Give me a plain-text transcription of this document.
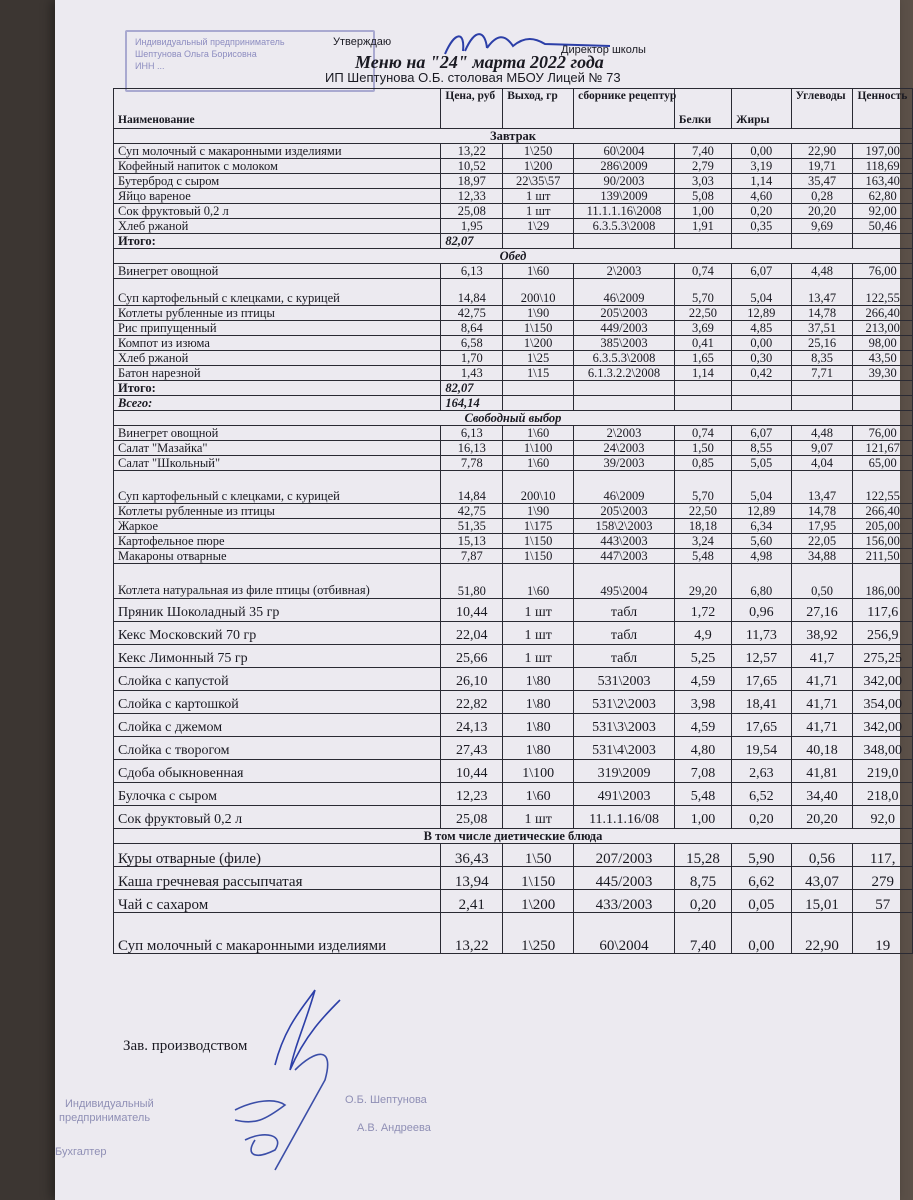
Индивидуальный предприниматель
Шептунова Ольга Борисовна
ИНН ...
Утверждаю
Директор школы
Меню на "24" марта 2022 года
ИП Шептунова О.Б. столовая МБОУ Лицей № 73
Наименование	Цена, руб	Выход, гр	сборнике рецептур	Белки	Жиры	Углеводы	Ценность
Завтрак							
Суп молочный с макаронными изделиями	13,22	1\250	60\2004	7,40	0,00	22,90	197,00
Кофейный напиток с молоком	10,52	1\200	286\2009	2,79	3,19	19,71	118,69
Бутерброд с сыром	18,97	22\35\57	90/2003	3,03	1,14	35,47	163,40
Яйцо вареное	12,33	1 шт	139\2009	5,08	4,60	0,28	62,80
Сок фруктовый 0,2 л	25,08	1 шт	11.1.1.16\2008	1,00	0,20	20,20	92,00
Хлеб ржаной	1,95	1\29	6.3.5.3\2008	1,91	0,35	9,69	50,46
Итого:	82,07						
Обед							
Винегрет овощной	6,13	1\60	2\2003	0,74	6,07	4,48	76,00
Суп картофельный с клецками, с курицей	14,84	200\10	46\2009	5,70	5,04	13,47	122,55
Котлеты рубленные из птицы	42,75	1\90	205\2003	22,50	12,89	14,78	266,40
Рис припущенный	8,64	1\150	449/2003	3,69	4,85	37,51	213,00
Компот из изюма	6,58	1\200	385\2003	0,41	0,00	25,16	98,00
Хлеб ржаной	1,70	1\25	6.3.5.3\2008	1,65	0,30	8,35	43,50
Батон нарезной	1,43	1\15	6.1.3.2.2\2008	1,14	0,42	7,71	39,30
Итого:	82,07						
Всего:	164,14						
Свободный выбор							
Винегрет овощной	6,13	1\60	2\2003	0,74	6,07	4,48	76,00
Салат "Мазайка"	16,13	1\100	24\2003	1,50	8,55	9,07	121,67
Салат "Школьный"	7,78	1\60	39/2003	0,85	5,05	4,04	65,00
Суп картофельный с клецками, с курицей	14,84	200\10	46\2009	5,70	5,04	13,47	122,55
Котлеты рубленные из птицы	42,75	1\90	205\2003	22,50	12,89	14,78	266,40
Жаркое	51,35	1\175	158\2\2003	18,18	6,34	17,95	205,00
Картофельное пюре	15,13	1\150	443\2003	3,24	5,60	22,05	156,00
Макароны отварные	7,87	1\150	447\2003	5,48	4,98	34,88	211,50
Котлета натуральная из филе птицы (отбивная)	51,80	1\60	495\2004	29,20	6,80	0,50	186,00
Пряник Шоколадный 35 гр	10,44	1 шт	табл	1,72	0,96	27,16	117,6
Кекс Московский 70 гр	22,04	1 шт	табл	4,9	11,73	38,92	256,9
Кекс Лимонный 75 гр	25,66	1 шт	табл	5,25	12,57	41,7	275,25
Слойка с капустой	26,10	1\80	531\2003	4,59	17,65	41,71	342,00
Слойка с картошкой	22,82	1\80	531\2\2003	3,98	18,41	41,71	354,00
Слойка с джемом	24,13	1\80	531\3\2003	4,59	17,65	41,71	342,00
Слойка с творогом	27,43	1\80	531\4\2003	4,80	19,54	40,18	348,00
Сдоба обыкновенная	10,44	1\100	319\2009	7,08	2,63	41,81	219,0
Булочка с сыром	12,23	1\60	491\2003	5,48	6,52	34,40	218,0
Сок фруктовый 0,2 л	25,08	1 шт	11.1.1.16/08	1,00	0,20	20,20	92,0
В том числе диетические блюда							
Куры отварные (филе)	36,43	1\50	207/2003	15,28	5,90	0,56	117,
Каша гречневая рассыпчатая	13,94	1\150	445/2003	8,75	6,62	43,07	279
Чай с сахаром	2,41	1\200	433/2003	0,20	0,05	15,01	57
Суп молочный с макаронными изделиями	13,22	1\250	60\2004	7,40	0,00	22,90	19
Зав. производством
Индивидуальный
предприниматель
Бухгалтер
О.Б. Шептунова
А.В. Андреева
